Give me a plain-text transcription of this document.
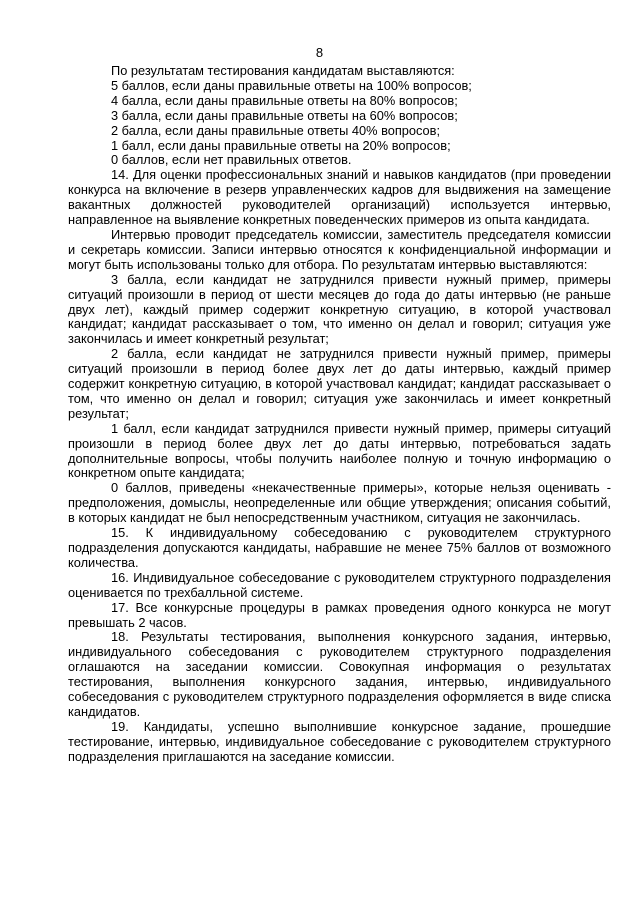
8
По результатам тестирования кандидатам выставляются:
5 баллов, если даны правильные ответы на 100% вопросов;
4 балла, если даны правильные ответы на 80% вопросов;
3 балла, если даны правильные ответы на 60% вопросов;
2 балла, если даны правильные ответы 40% вопросов;
1 балл, если даны правильные ответы на 20% вопросов;
0 баллов, если нет правильных ответов.

14. Для оценки профессиональных знаний и навыков кандидатов (при проведении конкурса на включение в резерв управленческих кадров для выдвижения на замещение вакантных должностей руководителей организаций) используется интервью, направленное на выявление конкретных поведенческих примеров из опыта кандидата.

Интервью проводит председатель комиссии, заместитель председателя комиссии и секретарь комиссии. Записи интервью относятся к конфиденциальной информации и могут быть использованы только для отбора. По результатам интервью выставляются:

3 балла, если кандидат не затруднился привести нужный пример, примеры ситуаций произошли в период от шести месяцев до года до даты интервью (не раньше двух лет), каждый пример содержит конкретную ситуацию, в которой участвовал кандидат; кандидат рассказывает о том, что именно он делал и говорил; ситуация уже закончилась и имеет конкретный результат;

2 балла, если кандидат не затруднился привести нужный пример, примеры ситуаций произошли в период более двух лет до даты интервью, каждый пример содержит конкретную ситуацию, в которой участвовал кандидат; кандидат рассказывает о том, что именно он делал и говорил; ситуация уже закончилась и имеет конкретный результат;

1 балл, если кандидат затруднился привести нужный пример, примеры ситуаций произошли в период более двух лет до даты интервью, потребоваться задать дополнительные вопросы, чтобы получить наиболее полную и точную информацию о конкретном опыте кандидата;

0 баллов, приведены «некачественные примеры», которые нельзя оценивать - предположения, домыслы, неопределенные или общие утверждения; описания событий, в которых кандидат не был непосредственным участником, ситуация не закончилась.

15. К индивидуальному собеседованию с руководителем структурного подразделения допускаются кандидаты, набравшие не менее 75% баллов от возможного количества.

16. Индивидуальное собеседование с руководителем структурного подразделения оценивается по трехбалльной системе.

17. Все конкурсные процедуры в рамках проведения одного конкурса не могут превышать 2 часов.

18. Результаты тестирования, выполнения конкурсного задания, интервью, индивидуального собеседования с руководителем структурного подразделения оглашаются на заседании комиссии. Совокупная информация о результатах тестирования, выполнения конкурсного задания, интервью, индивидуального собеседования с руководителем структурного подразделения оформляется в виде списка кандидатов.

19. Кандидаты, успешно выполнившие конкурсное задание, прошедшие тестирование, интервью, индивидуальное собеседование с руководителем структурного подразделения приглашаются на заседание комиссии.
